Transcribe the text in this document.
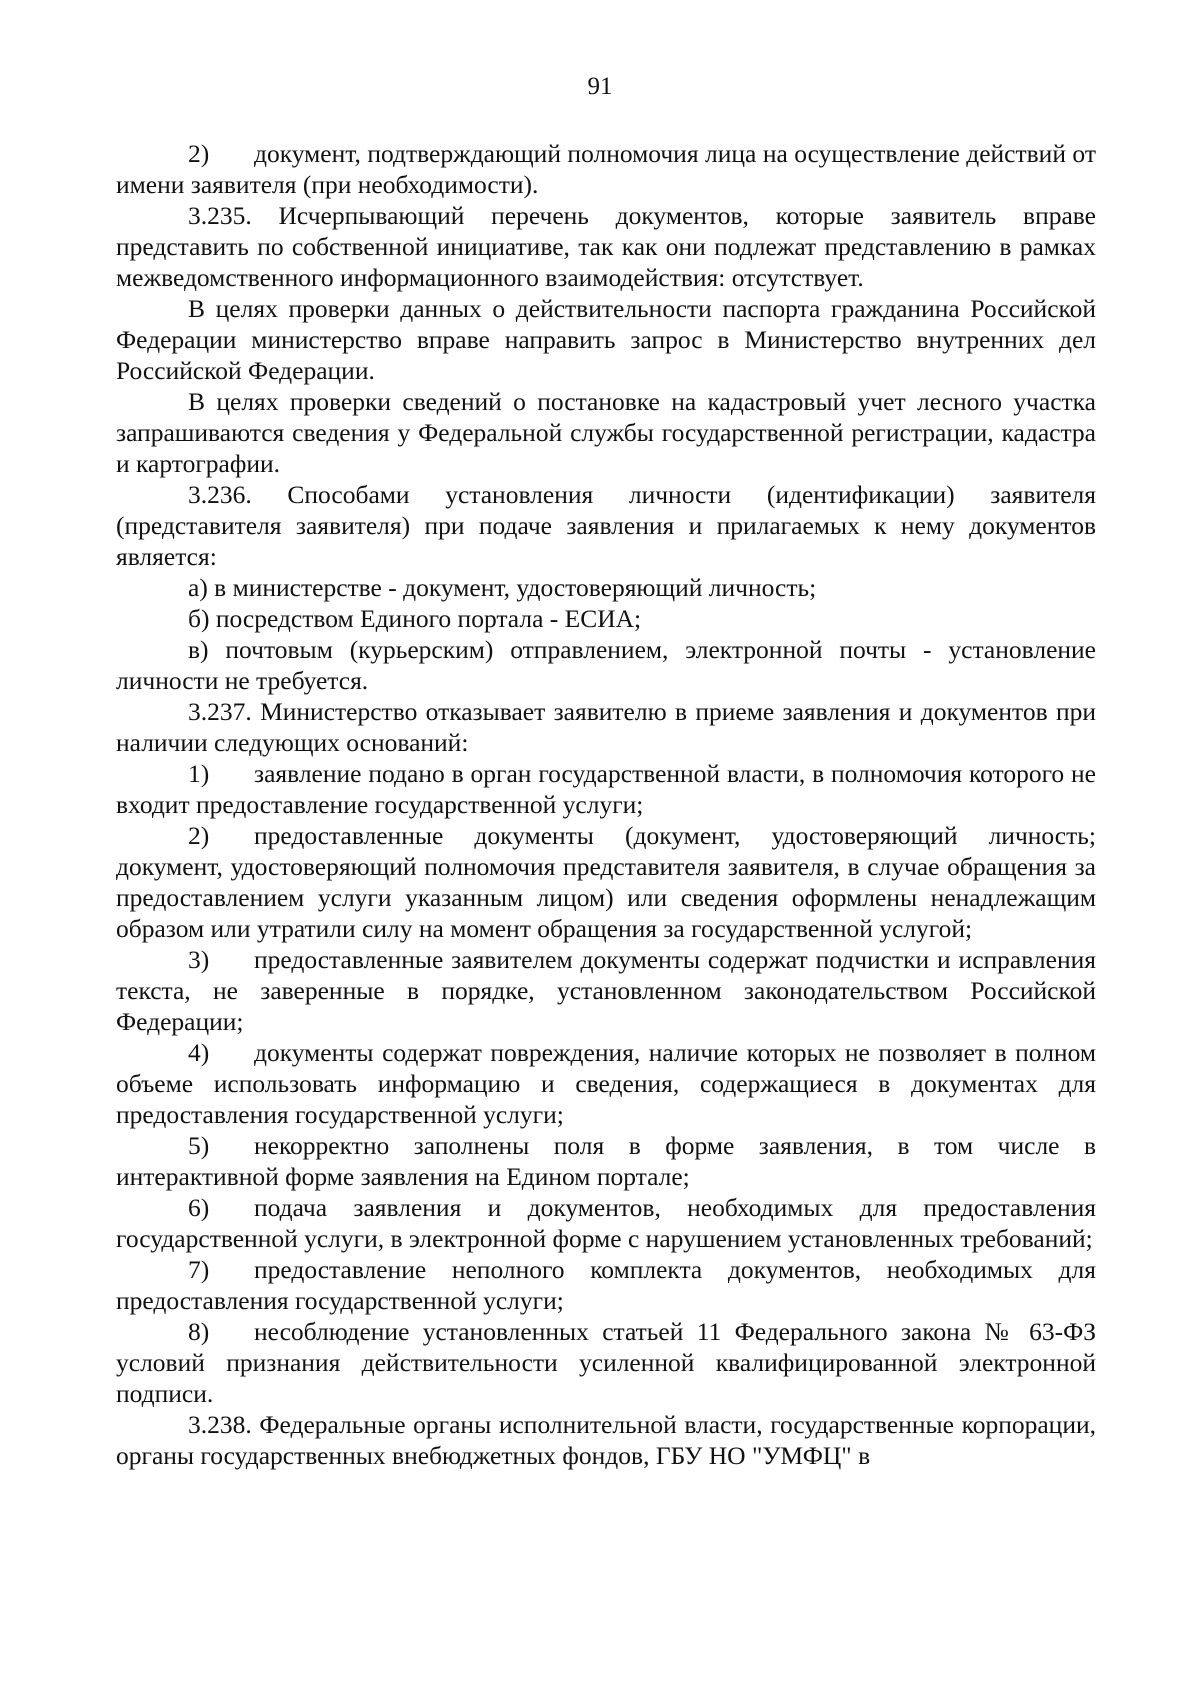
91

2) документ, подтверждающий полномочия лица на осуществление действий от имени заявителя (при необходимости).

3.235. Исчерпывающий перечень документов, которые заявитель вправе представить по собственной инициативе, так как они подлежат представлению в рамках межведомственного информационного взаимодействия: отсутствует.

В целях проверки данных о действительности паспорта гражданина Российской Федерации министерство вправе направить запрос в Министерство внутренних дел Российской Федерации.

В целях проверки сведений о постановке на кадастровый учет лесного участка запрашиваются сведения у Федеральной службы государственной регистрации, кадастра и картографии.

3.236. Способами установления личности (идентификации) заявителя (представителя заявителя) при подаче заявления и прилагаемых к нему документов является:

а) в министерстве - документ, удостоверяющий личность;

б) посредством Единого портала - ЕСИА;

в) почтовым (курьерским) отправлением, электронной почты - установление личности не требуется.

3.237. Министерство отказывает заявителю в приеме заявления и документов при наличии следующих оснований:

1) заявление подано в орган государственной власти, в полномочия которого не входит предоставление государственной услуги;

2) предоставленные документы (документ, удостоверяющий личность; документ, удостоверяющий полномочия представителя заявителя, в случае обращения за предоставлением услуги указанным лицом) или сведения оформлены ненадлежащим образом или утратили силу на момент обращения за государственной услугой;

3) предоставленные заявителем документы содержат подчистки и исправления текста, не заверенные в порядке, установленном законодательством Российской Федерации;

4) документы содержат повреждения, наличие которых не позволяет в полном объеме использовать информацию и сведения, содержащиеся в документах для предоставления государственной услуги;

5) некорректно заполнены поля в форме заявления, в том числе в интерактивной форме заявления на Едином портале;

6) подача заявления и документов, необходимых для предоставления государственной услуги, в электронной форме с нарушением установленных требований;

7) предоставление неполного комплекта документов, необходимых для предоставления государственной услуги;

8) несоблюдение установленных статьей 11 Федерального закона № 63-ФЗ условий признания действительности усиленной квалифицированной электронной подписи.

3.238. Федеральные органы исполнительной власти, государственные корпорации, органы государственных внебюджетных фондов, ГБУ НО "УМФЦ" в
